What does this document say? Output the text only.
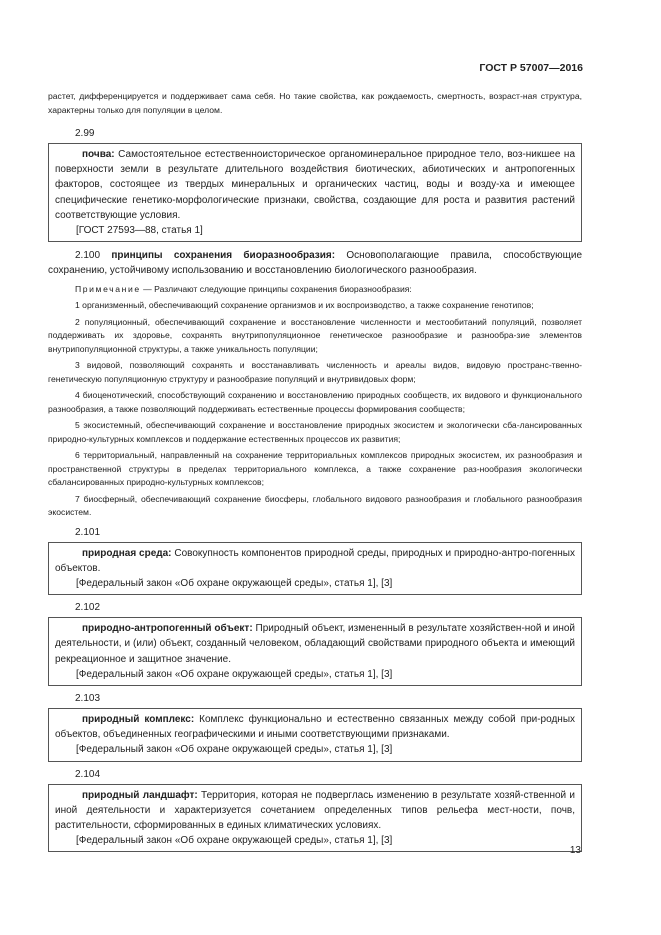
ГОСТ Р 57007—2016

растет, дифференцируется и поддерживает сама себя. Но такие свойства, как рождаемость, смертность, возраст-ная структура, характерны только для популяции в целом.

2.99

почва: Самостоятельное естественноисторическое органоминеральное природное тело, воз-никшее на поверхности земли в результате длительного воздействия биотических, абиотических и антропогенных факторов, состоящее из твердых минеральных и органических частиц, воды и возду-ха и имеющее специфические генетико-морфологические признаки, свойства, создающие для роста и развития растений соответствующие условия.

[ГОСТ 27593—88, статья 1]

2.100 принципы сохранения биоразнообразия: Основополагающие правила, способствующие сохранению, устойчивому использованию и восстановлению биологического разнообразия.

Примечание — Различают следующие принципы сохранения биоразнообразия:

1 организменный, обеспечивающий сохранение организмов и их воспроизводство, а также сохранение генотипов;

2 популяционный, обеспечивающий сохранение и восстановление численности и местообитаний популяций, позволяет поддерживать их здоровье, сохранять внутрипопуляционное генетическое разнообразие и разнообра-зие элементов внутрипопуляционной структуры, а также уникальность популяции;

3 видовой, позволяющий сохранять и восстанавливать численность и ареалы видов, видовую пространс-твенно-генетическую популяционную структуру и разнообразие популяций и внутривидовых форм;

4 биоценотический, способствующий сохранению и восстановлению природных сообществ, их видового и функционального разнообразия, а также позволяющий поддерживать естественные процессы формирования сообществ;

5 экосистемный, обеспечивающий сохранение и восстановление природных экосистем и экологически сба-лансированных природно-культурных комплексов и поддержание естественных процессов их развития;

6 территориальный, направленный на сохранение территориальных комплексов природных экосистем, их разнообразия и пространственной структуры в пределах территориального комплекса, а также сохранение раз-нообразия экологически сбалансированных природно-культурных комплексов;

7 биосферный, обеспечивающий сохранение биосферы, глобального видового разнообразия и глобального разнообразия экосистем.

2.101

природная среда: Совокупность компонентов природной среды, природных и природно-антро-погенных объектов.

[Федеральный закон «Об охране окружающей среды», статья 1], [3]

2.102

природно-антропогенный объект: Природный объект, измененный в результате хозяйствен-ной и иной деятельности, и (или) объект, созданный человеком, обладающий свойствами природного объекта и имеющий рекреационное и защитное значение.

[Федеральный закон «Об охране окружающей среды», статья 1], [3]

2.103

природный комплекс: Комплекс функционально и естественно связанных между собой при-родных объектов, объединенных географическими и иными соответствующими признаками.

[Федеральный закон «Об охране окружающей среды», статья 1], [3]

2.104

природный ландшафт: Территория, которая не подверглась изменению в результате хозяй-ственной и иной деятельности и характеризуется сочетанием определенных типов рельефа мест-ности, почв, растительности, сформированных в единых климатических условиях.

[Федеральный закон «Об охране окружающей среды», статья 1], [3]

13
